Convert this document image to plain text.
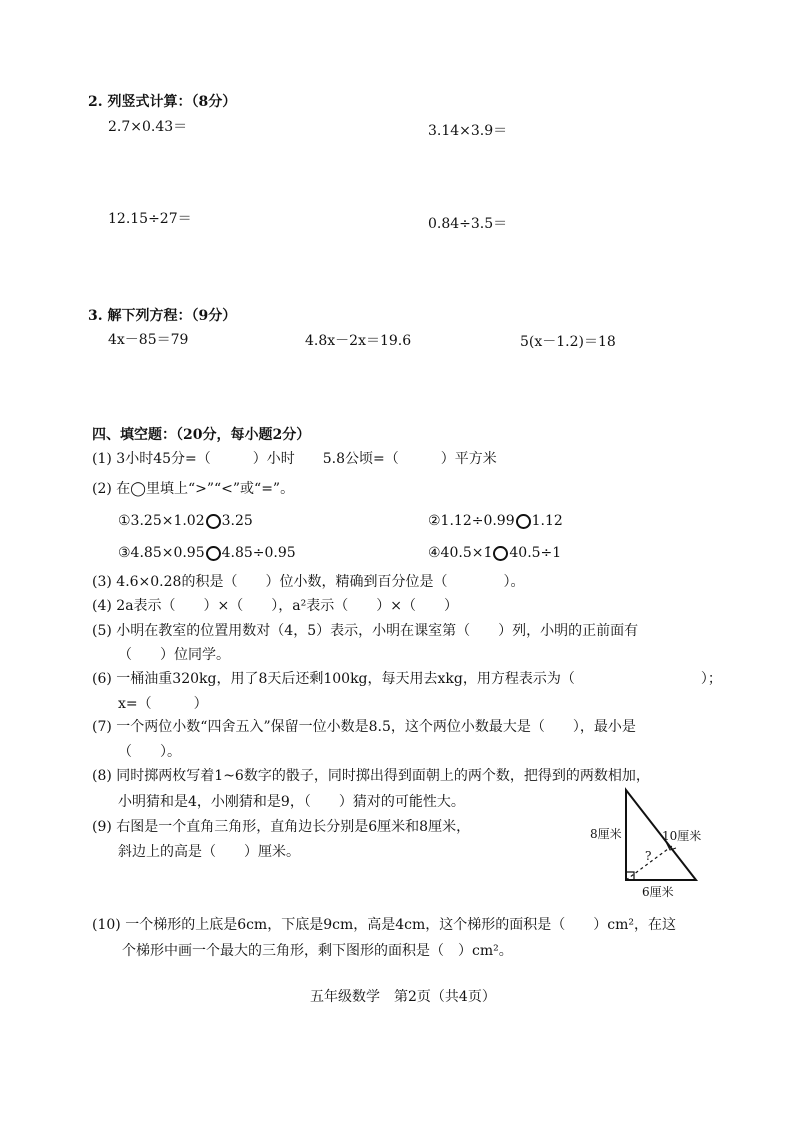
2. 列竖式计算：（8分）
2.7×0.43＝	3.14×3.9＝
12.15÷27＝	0.84÷3.5＝
3. 解下列方程：（9分）
4x－85＝79	4.8x－2x＝19.6	5(x－1.2)＝18
四、填空题：（20分，每小题2分）
(1) 3小时45分=（　　　）小时　　5.8公顷=（　　　）平方米
(2) 在◯里填上“>”“<”或“=”。
①3.25×1.02 3.25	②1.12÷0.99 1.12
③4.85×0.95 4.85÷0.95	④40.5×1̇ 40.5÷1
(3) 4.6×0.28的积是（　　）位小数，精确到百分位是（　　　　）。
(4) 2a表示（　　）×（　　），a²表示（　　）×（　　）
(5) 小明在教室的位置用数对（4，5）表示，小明在课室第（　　）列，小明的正前面有
（　　）位同学。
(6) 一桶油重320kg，用了8天后还剩100kg，每天用去xkg，用方程表示为（　　　　　　　　　）；
x=（　　　）
(7) 一个两位小数“四舍五入”保留一位小数是8.5，这个两位小数最大是（　　），最小是
（　　）。
(8) 同时掷两枚写着1~6数字的骰子，同时掷出得到面朝上的两个数，把得到的两数相加，
小明猜和是4，小刚猜和是9，（　　）猜对的可能性大。
(9) 右图是一个直角三角形，直角边长分别是6厘米和8厘米，
斜边上的高是（　　）厘米。
8厘米	10厘米
6厘米
?
(10) 一个梯形的上底是6cm，下底是9cm，高是4cm，这个梯形的面积是（　　）cm²，在这
个梯形中画一个最大的三角形，剩下图形的面积是（　）cm²。
五年级数学　第2页（共4页）
